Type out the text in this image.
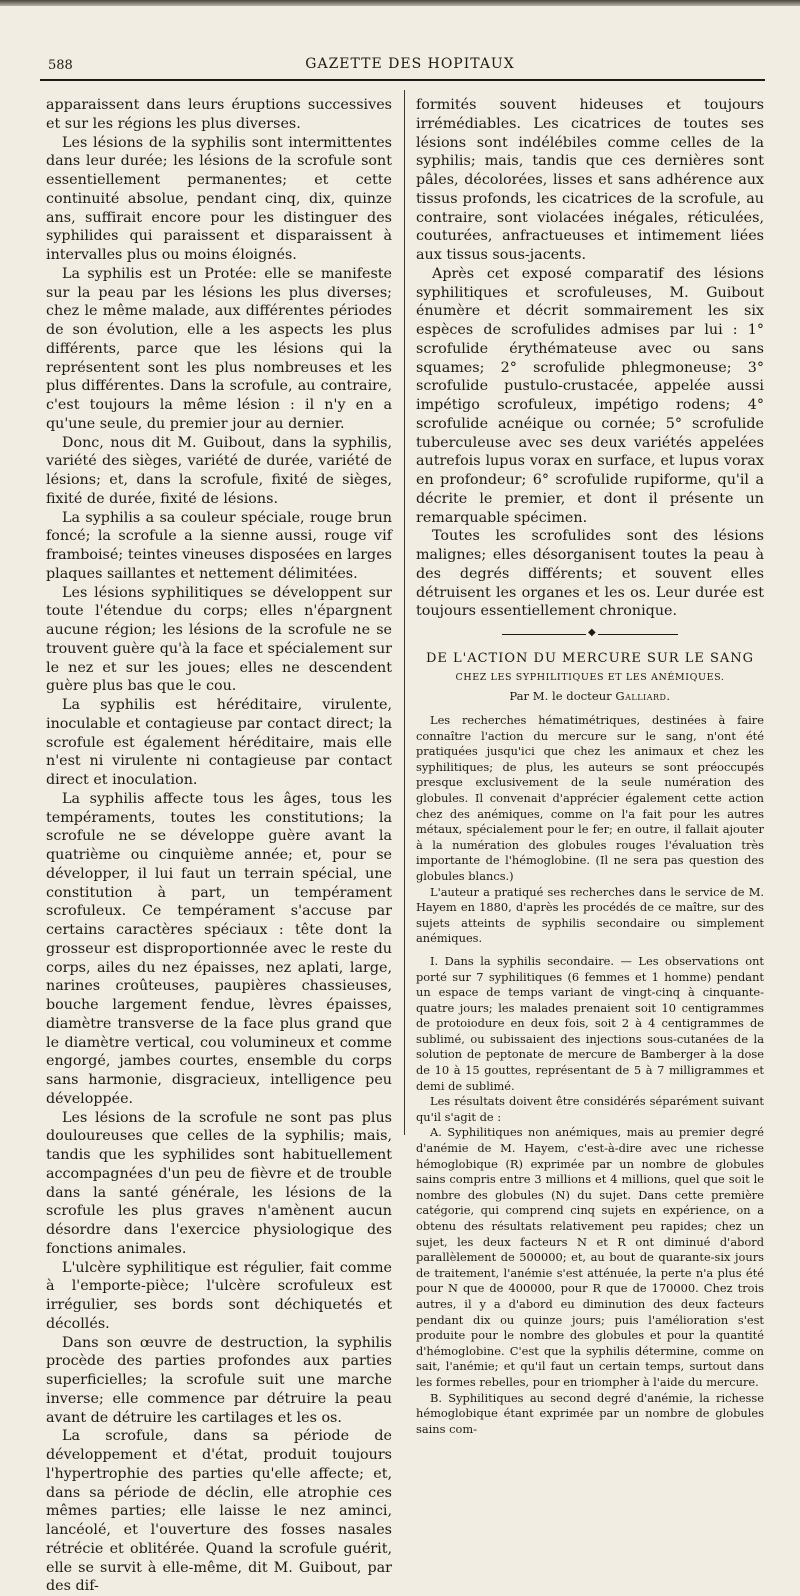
588	GAZETTE DES HOPITAUX

apparaissent dans leurs éruptions successives et sur les régions les plus diverses.

Les lésions de la syphilis sont intermittentes dans leur durée; les lésions de la scrofule sont essentiellement permanentes; et cette continuité absolue, pendant cinq, dix, quinze ans, suffirait encore pour les distinguer des syphilides qui paraissent et disparaissent à intervalles plus ou moins éloignés.

La syphilis est un Protée: elle se manifeste sur la peau par les lésions les plus diverses; chez le même malade, aux différentes périodes de son évolution, elle a les aspects les plus différents, parce que les lésions qui la représentent sont les plus nombreuses et les plus différentes. Dans la scrofule, au contraire, c'est toujours la même lésion : il n'y en a qu'une seule, du premier jour au dernier.

Donc, nous dit M. Guibout, dans la syphilis, variété des sièges, variété de durée, variété de lésions; et, dans la scrofule, fixité de sièges, fixité de durée, fixité de lésions.

La syphilis a sa couleur spéciale, rouge brun foncé; la scrofule a la sienne aussi, rouge vif framboisé; teintes vineuses disposées en larges plaques saillantes et nettement délimitées.

Les lésions syphilitiques se développent sur toute l'étendue du corps; elles n'épargnent aucune région; les lésions de la scrofule ne se trouvent guère qu'à la face et spécialement sur le nez et sur les joues; elles ne descendent guère plus bas que le cou.

La syphilis est héréditaire, virulente, inoculable et contagieuse par contact direct; la scrofule est également héréditaire, mais elle n'est ni virulente ni contagieuse par contact direct et inoculation.

La syphilis affecte tous les âges, tous les tempéraments, toutes les constitutions; la scrofule ne se développe guère avant la quatrième ou cinquième année; et, pour se développer, il lui faut un terrain spécial, une constitution à part, un tempérament scrofuleux. Ce tempérament s'accuse par certains caractères spéciaux : tête dont la grosseur est disproportionnée avec le reste du corps, ailes du nez épaisses, nez aplati, large, narines croûteuses, paupières chassieuses, bouche largement fendue, lèvres épaisses, diamètre transverse de la face plus grand que le diamètre vertical, cou volumineux et comme engorgé, jambes courtes, ensemble du corps sans harmonie, disgracieux, intelligence peu développée.

Les lésions de la scrofule ne sont pas plus douloureuses que celles de la syphilis; mais, tandis que les syphilides sont habituellement accompagnées d'un peu de fièvre et de trouble dans la santé générale, les lésions de la scrofule les plus graves n'amènent aucun désordre dans l'exercice physiologique des fonctions animales.

L'ulcère syphilitique est régulier, fait comme à l'emporte-pièce; l'ulcère scrofuleux est irrégulier, ses bords sont déchiquetés et décollés.

Dans son œuvre de destruction, la syphilis procède des parties profondes aux parties superficielles; la scrofule suit une marche inverse; elle commence par détruire la peau avant de détruire les cartilages et les os.

La scrofule, dans sa période de développement et d'état, produit toujours l'hypertrophie des parties qu'elle affecte; et, dans sa période de déclin, elle atrophie ces mêmes parties; elle laisse le nez aminci, lancéolé, et l'ouverture des fosses nasales rétrécie et oblitérée. Quand la scrofule guérit, elle se survit à elle-même, dit M. Guibout, par des dif-

formités souvent hideuses et toujours irrémédiables. Les cicatrices de toutes ses lésions sont indélébiles comme celles de la syphilis; mais, tandis que ces dernières sont pâles, décolorées, lisses et sans adhérence aux tissus profonds, les cicatrices de la scrofule, au contraire, sont violacées inégales, réticulées, couturées, anfractueuses et intimement liées aux tissus sous-jacents.

Après cet exposé comparatif des lésions syphilitiques et scrofuleuses, M. Guibout énumère et décrit sommairement les six espèces de scrofulides admises par lui : 1° scrofulide érythémateuse avec ou sans squames; 2° scrofulide phlegmoneuse; 3° scrofulide pustulo-crustacée, appelée aussi impétigo scrofuleux, impétigo rodens; 4° scrofulide acnéique ou cornée; 5° scrofulide tuberculeuse avec ses deux variétés appelées autrefois lupus vorax en surface, et lupus vorax en profondeur; 6° scrofulide rupiforme, qu'il a décrite le premier, et dont il présente un remarquable spécimen.

Toutes les scrofulides sont des lésions malignes; elles désorganisent toutes la peau à des degrés différents; et souvent elles détruisent les organes et les os. Leur durée est toujours essentiellement chronique.

◆
DE L'ACTION DU MERCURE SUR LE SANG
CHEZ LES SYPHILITIQUES ET LES ANÉMIQUES.
Par M. le docteur Galliard.

Les recherches hématimétriques, destinées à faire connaître l'action du mercure sur le sang, n'ont été pratiquées jusqu'ici que chez les animaux et chez les syphilitiques; de plus, les auteurs se sont préoccupés presque exclusivement de la seule numération des globules. Il convenait d'apprécier également cette action chez des anémiques, comme on l'a fait pour les autres métaux, spécialement pour le fer; en outre, il fallait ajouter à la numération des globules rouges l'évaluation très importante de l'hémoglobine. (Il ne sera pas question des globules blancs.)

L'auteur a pratiqué ses recherches dans le service de M. Hayem en 1880, d'après les procédés de ce maître, sur des sujets atteints de syphilis secondaire ou simplement anémiques.

I. Dans la syphilis secondaire. — Les observations ont porté sur 7 syphilitiques (6 femmes et 1 homme) pendant un espace de temps variant de vingt-cinq à cinquante-quatre jours; les malades prenaient soit 10 centigrammes de protoiodure en deux fois, soit 2 à 4 centigrammes de sublimé, ou subissaient des injections sous-cutanées de la solution de peptonate de mercure de Bamberger à la dose de 10 à 15 gouttes, représentant de 5 à 7 milligrammes et demi de sublimé.

Les résultats doivent être considérés séparément suivant qu'il s'agit de :

A. Syphilitiques non anémiques, mais au premier degré d'anémie de M. Hayem, c'est-à-dire avec une richesse hémoglobique (R) exprimée par un nombre de globules sains compris entre 3 millions et 4 millions, quel que soit le nombre des globules (N) du sujet. Dans cette première catégorie, qui comprend cinq sujets en expérience, on a obtenu des résultats relativement peu rapides; chez un sujet, les deux facteurs N et R ont diminué d'abord parallèlement de 500000; et, au bout de quarante-six jours de traitement, l'anémie s'est atténuée, la perte n'a plus été pour N que de 400000, pour R que de 170000. Chez trois autres, il y a d'abord eu diminution des deux facteurs pendant dix ou quinze jours; puis l'amélioration s'est produite pour le nombre des globules et pour la quantité d'hémoglobine. C'est que la syphilis détermine, comme on sait, l'anémie; et qu'il faut un certain temps, surtout dans les formes rebelles, pour en triompher à l'aide du mercure.

B. Syphilitiques au second degré d'anémie, la richesse hémoglobique étant exprimée par un nombre de globules sains com-
